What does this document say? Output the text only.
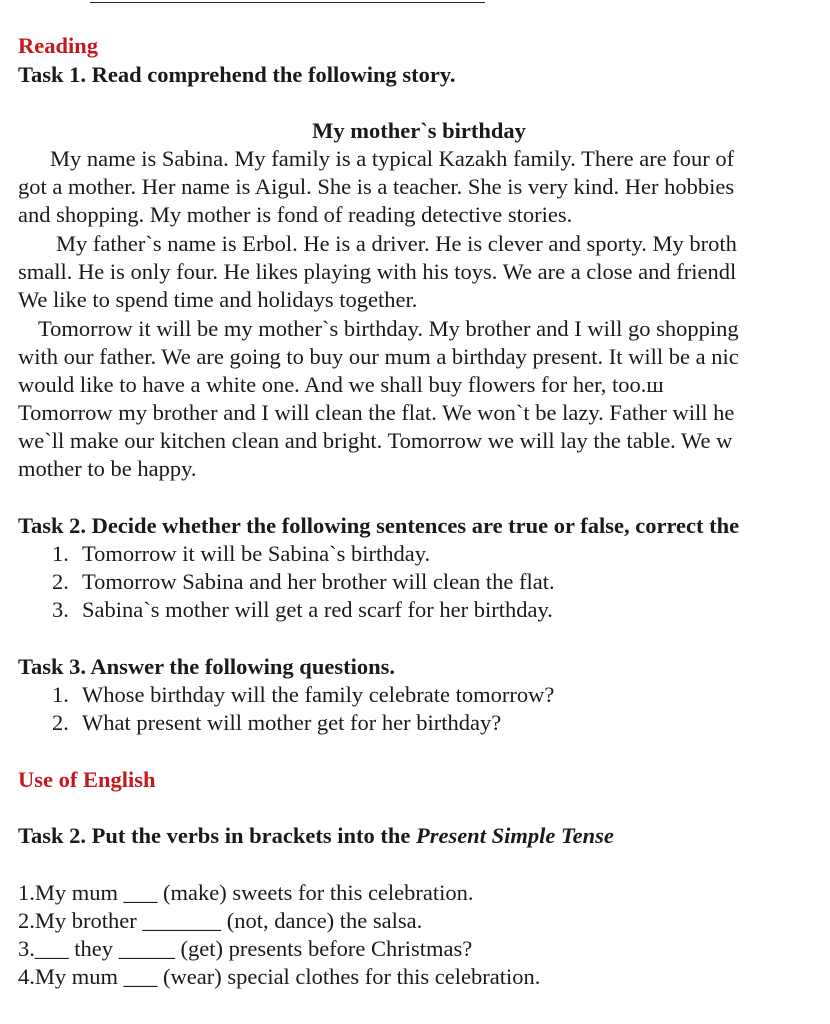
Reading
Task 1. Read comprehend the following story.
My mother`s birthday
My name is Sabina. My family is a typical Kazakh family. There are four of
got a mother. Her name is Aigul. She is a teacher. She is very kind. Her hobbies
and shopping. My mother is fond of reading detective stories.
My father`s name is Erbol. He is a driver. He is clever and sporty. My broth
small. He is only four. He likes playing with his toys. We are a close and friendl
We like to spend time and holidays together.
Tomorrow it will be my mother`s birthday. My brother and I will go shopping
with our father. We are going to buy our mum a birthday present. It will be a nic
would like to have a white one. And we shall buy flowers for her, too.ш
Tomorrow my brother and I will clean the flat. We won`t be lazy. Father will he
we`ll make our kitchen clean and bright. Tomorrow we will lay the table. We w
mother to be happy.
Task 2. Decide whether the following sentences are true or false, correct the
1. Tomorrow it will be Sabina`s birthday.
2. Tomorrow Sabina and her brother will clean the flat.
3. Sabina`s mother will get a red scarf for her birthday.
Task 3. Answer the following questions.
1. Whose birthday will the family celebrate tomorrow?
2. What present will mother get for her birthday?
Use of English
Task 2. Put the verbs in brackets into the Present Simple Tense
1.My mum ___ (make) sweets for this celebration.
2.My brother _______ (not, dance) the salsa.
3.___ they _____ (get) presents before Christmas?
4.My mum ___ (wear) special clothes for this celebration.
